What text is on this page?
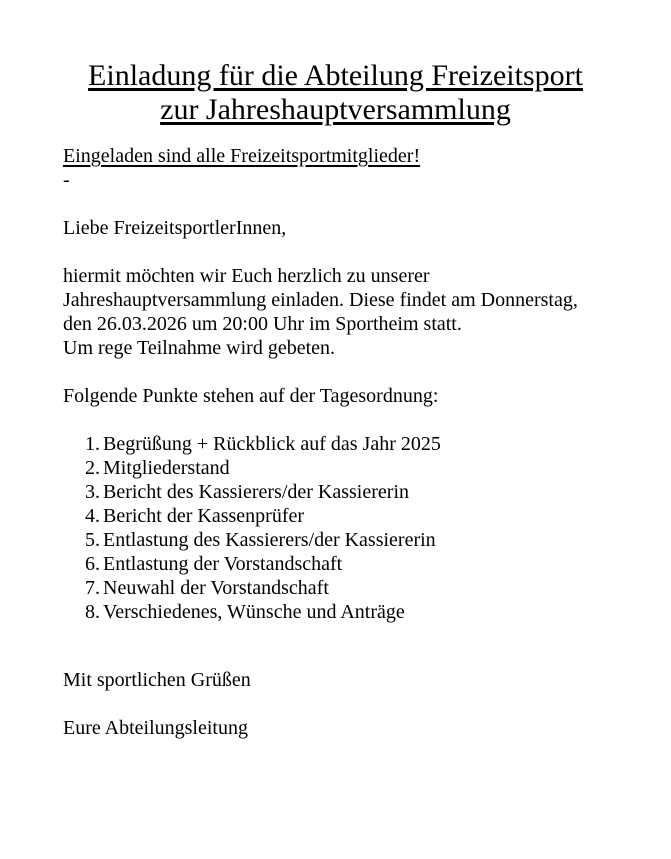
Einladung für die Abteilung Freizeitsport
zur Jahreshauptversammlung
Eingeladen sind alle Freizeitsportmitglieder!
-
Liebe FreizeitsportlerInnen,
hiermit möchten wir Euch herzlich zu unserer
Jahreshauptversammlung einladen. Diese findet am Donnerstag,
den 26.03.2026 um 20:00 Uhr im Sportheim statt.
Um rege Teilnahme wird gebeten.
Folgende Punkte stehen auf der Tagesordnung:
1. Begrüßung + Rückblick auf das Jahr 2025
2. Mitgliederstand
3. Bericht des Kassierers/der Kassiererin
4. Bericht der Kassenprüfer
5. Entlastung des Kassierers/der Kassiererin
6. Entlastung der Vorstandschaft
7. Neuwahl der Vorstandschaft
8. Verschiedenes, Wünsche und Anträge
Mit sportlichen Grüßen
Eure Abteilungsleitung
